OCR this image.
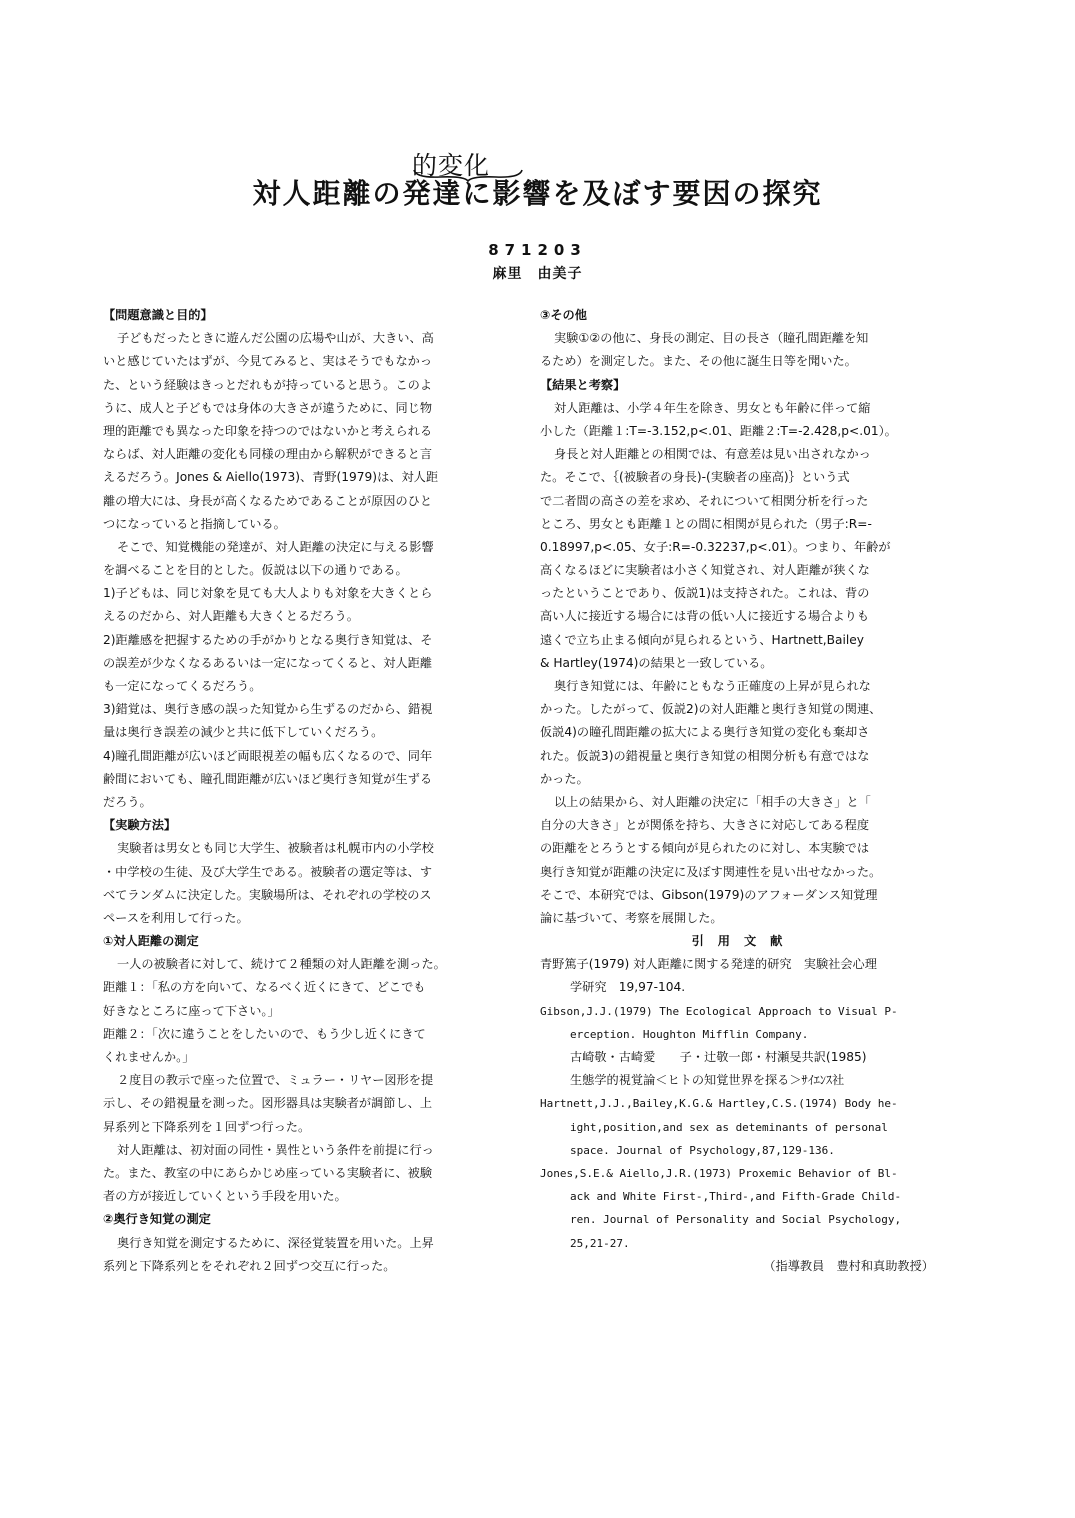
的変化
対人距離の発達に影響を及ぼす要因の探究
871203
麻里　由美子
【問題意識と目的】
子どもだったときに遊んだ公園の広場や山が、大きい、高
いと感じていたはずが、今見てみると、実はそうでもなかっ
た、という経験はきっとだれもが持っていると思う。このよ
うに、成人と子どもでは身体の大きさが違うために、同じ物
理的距離でも異なった印象を持つのではないかと考えられる
ならば、対人距離の変化も同様の理由から解釈ができると言
えるだろう。Jones & Aiello(1973)、青野(1979)は、対人距
離の増大には、身長が高くなるためであることが原因のひと
つになっていると指摘している。
そこで、知覚機能の発達が、対人距離の決定に与える影響
を調べることを目的とした。仮説は以下の通りである。
1)子どもは、同じ対象を見ても大人よりも対象を大きくとら
えるのだから、対人距離も大きくとるだろう。
2)距離感を把握するための手がかりとなる奥行き知覚は、そ
の誤差が少なくなるあるいは一定になってくると、対人距離
も一定になってくるだろう。
3)錯覚は、奥行き感の誤った知覚から生ずるのだから、錯視
量は奥行き誤差の減少と共に低下していくだろう。
4)瞳孔間距離が広いほど両眼視差の幅も広くなるので、同年
齢間においても、瞳孔間距離が広いほど奥行き知覚が生ずる
だろう。
【実験方法】
実験者は男女とも同じ大学生、被験者は札幌市内の小学校
・中学校の生徒、及び大学生である。被験者の選定等は、す
べてランダムに決定した。実験場所は、それぞれの学校のス
ペースを利用して行った。
①対人距離の測定
一人の被験者に対して、続けて２種類の対人距離を測った。
距離１：「私の方を向いて、なるべく近くにきて、どこでも
好きなところに座って下さい。」
距離２：「次に違うことをしたいので、もう少し近くにきて
くれませんか。」
２度目の教示で座った位置で、ミュラー・リヤー図形を提
示し、その錯視量を測った。図形器具は実験者が調節し、上
昇系列と下降系列を１回ずつ行った。
対人距離は、初対面の同性・異性という条件を前提に行っ
た。また、教室の中にあらかじめ座っている実験者に、被験
者の方が接近していくという手段を用いた。
②奥行き知覚の測定
奥行き知覚を測定するために、深径覚装置を用いた。上昇
系列と下降系列とをそれぞれ２回ずつ交互に行った。
③その他
実験①②の他に、身長の測定、目の長さ（瞳孔間距離を知
るため）を測定した。また、その他に誕生日等を聞いた。
【結果と考察】
対人距離は、小学４年生を除き、男女とも年齢に伴って縮
小した（距離１:T=-3.152,p<.01、距離２:T=-2.428,p<.01）。
身長と対人距離との相関では、有意差は見い出されなかっ
た。そこで、｛(被験者の身長)-(実験者の座高)｝という式
で二者間の高さの差を求め、それについて相関分析を行った
ところ、男女とも距離１との間に相関が見られた（男子:R=-
0.18997,p<.05、女子:R=-0.32237,p<.01）。つまり、年齢が
高くなるほどに実験者は小さく知覚され、対人距離が狭くな
ったということであり、仮説1)は支持された。これは、背の
高い人に接近する場合には背の低い人に接近する場合よりも
遠くで立ち止まる傾向が見られるという、Hartnett,Bailey
& Hartley(1974)の結果と一致している。
奥行き知覚には、年齢にともなう正確度の上昇が見られな
かった。したがって、仮説2)の対人距離と奥行き知覚の関連、
仮説4)の瞳孔間距離の拡大による奥行き知覚の変化も棄却さ
れた。仮説3)の錯視量と奥行き知覚の相関分析も有意ではな
かった。
以上の結果から、対人距離の決定に「相手の大きさ」と「
自分の大きさ」とが関係を持ち、大きさに対応してある程度
の距離をとろうとする傾向が見られたのに対し、本実験では
奥行き知覚が距離の決定に及ぼす関連性を見い出せなかった。
そこで、本研究では、Gibson(1979)のアフォーダンス知覚理
論に基づいて、考察を展開した。
引用文献
青野篤子(1979) 対人距離に関する発達的研究　実験社会心理
学研究　19,97-104.
Gibson,J.J.(1979) The Ecological Approach to Visual P-
erception. Houghton Mifflin Company.
古崎敬・古崎愛　　子・辻敬一郎・村瀬旻共訳(1985)
生態学的視覚論＜ヒトの知覚世界を探る＞ｻｲｴﾝｽ社
Hartnett,J.J.,Bailey,K.G.& Hartley,C.S.(1974) Body he-
ight,position,and sex as deteminants of personal
space. Journal of Psychology,87,129-136.
Jones,S.E.& Aiello,J.R.(1973) Proxemic Behavior of Bl-
ack and White First-,Third-,and Fifth-Grade Child-
ren. Journal of Personality and Social Psychology,
25,21-27.
（指導教員　豊村和真助教授）
